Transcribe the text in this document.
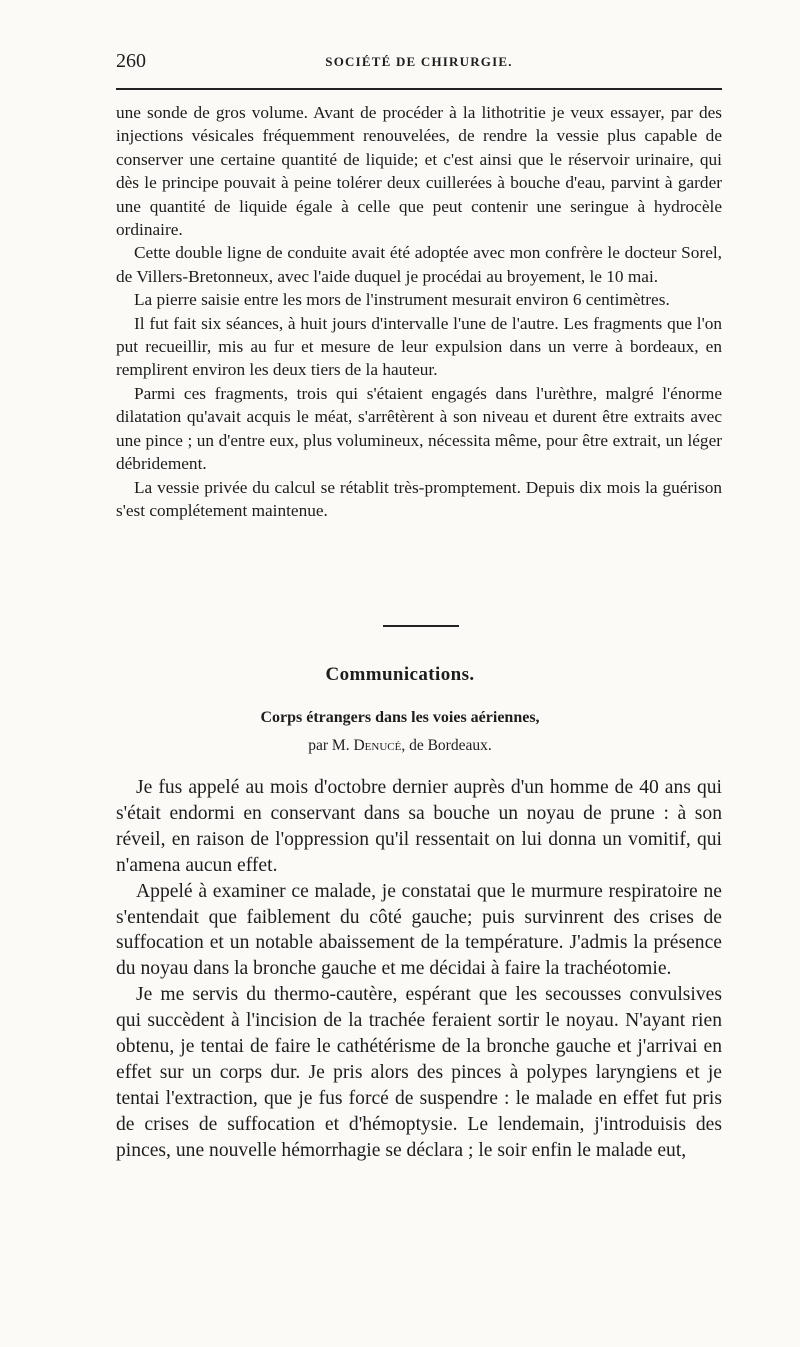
260	SOCIÉTÉ DE CHIRURGIE.

une sonde de gros volume. Avant de procéder à la lithotritie je veux essayer, par des injections vésicales fréquemment renouvelées, de rendre la vessie plus capable de conserver une certaine quantité de liquide; et c'est ainsi que le réservoir urinaire, qui dès le principe pouvait à peine tolérer deux cuillerées à bouche d'eau, parvint à garder une quantité de liquide égale à celle que peut contenir une seringue à hydrocèle ordinaire.

Cette double ligne de conduite avait été adoptée avec mon confrère le docteur Sorel, de Villers-Bretonneux, avec l'aide duquel je procédai au broyement, le 10 mai.

La pierre saisie entre les mors de l'instrument mesurait environ 6 centimètres.

Il fut fait six séances, à huit jours d'intervalle l'une de l'autre. Les fragments que l'on put recueillir, mis au fur et mesure de leur expulsion dans un verre à bordeaux, en remplirent environ les deux tiers de la hauteur.

Parmi ces fragments, trois qui s'étaient engagés dans l'urèthre, malgré l'énorme dilatation qu'avait acquis le méat, s'arrêtèrent à son niveau et durent être extraits avec une pince ; un d'entre eux, plus volumineux, nécessita même, pour être extrait, un léger débridement.

La vessie privée du calcul se rétablit très-promptement. Depuis dix mois la guérison s'est complétement maintenue.

Communications.
Corps étrangers dans les voies aériennes,
par M. Denucé, de Bordeaux.

Je fus appelé au mois d'octobre dernier auprès d'un homme de 40 ans qui s'était endormi en conservant dans sa bouche un noyau de prune : à son réveil, en raison de l'oppression qu'il ressentait on lui donna un vomitif, qui n'amena aucun effet.

Appelé à examiner ce malade, je constatai que le murmure respiratoire ne s'entendait que faiblement du côté gauche; puis survinrent des crises de suffocation et un notable abaissement de la température. J'admis la présence du noyau dans la bronche gauche et me décidai à faire la trachéotomie.

Je me servis du thermo-cautère, espérant que les secousses convulsives qui succèdent à l'incision de la trachée feraient sortir le noyau. N'ayant rien obtenu, je tentai de faire le cathétérisme de la bronche gauche et j'arrivai en effet sur un corps dur. Je pris alors des pinces à polypes laryngiens et je tentai l'extraction, que je fus forcé de suspendre : le malade en effet fut pris de crises de suffocation et d'hémoptysie. Le lendemain, j'introduisis des pinces, une nouvelle hémorrhagie se déclara ; le soir enfin le malade eut,
